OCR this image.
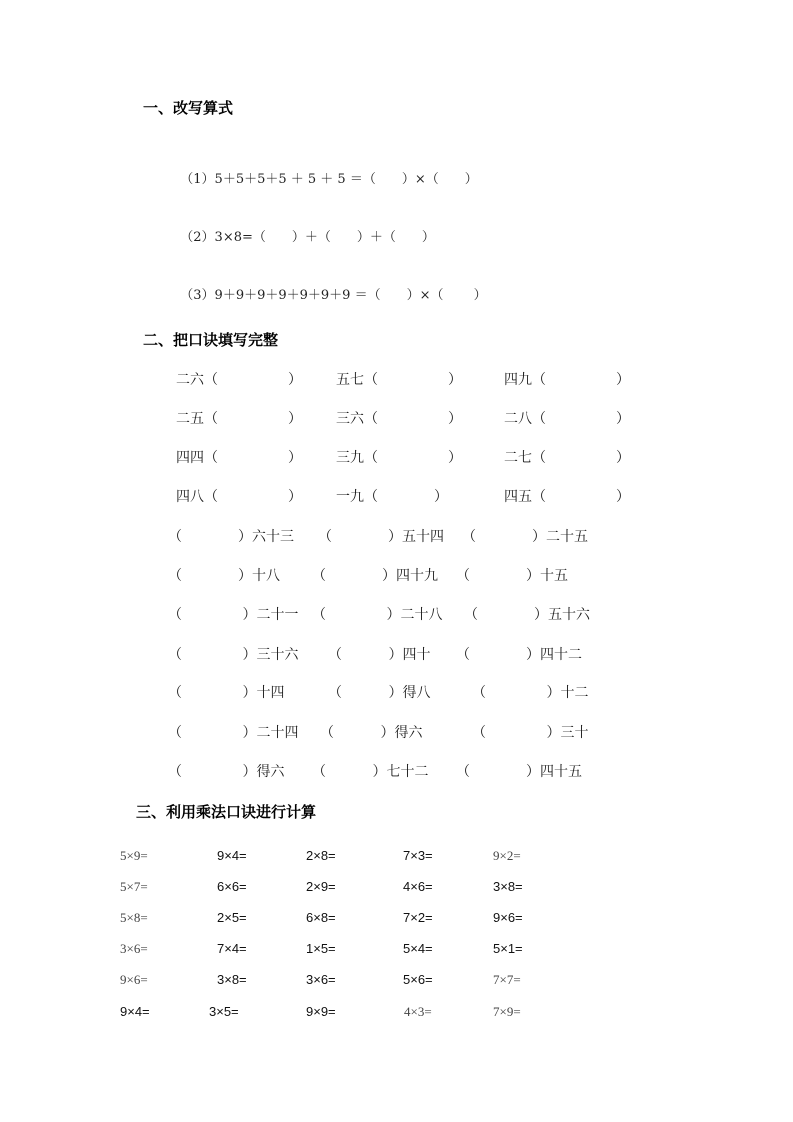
一、改写算式

（1）5＋5＋5＋5 ＋ 5 ＋ 5 ＝（　　）×（　　）

（2）3×8=（　　）＋（　　）＋（　　）

（3）9＋9＋9＋9＋9＋9＋9 ＝（　　）×（　　 ）

二、把口诀填写完整
二六（　　　　　） 五七（　　　　　）	四九（　　　　　）
二五（　　　　　） 三六（　　　　　）	二八（　　　　　）
四四（　　　　　） 三九（　　　　　）	二七（　　　　　）
四八（　　　　　） 一九（　　　　）	四五（　　　　　）
（　　　　）六十三 （　　　　）五十四 （　　　　）二十五
（　　　　）十八 （　　　　）四十九 （　　　　）十五
（　　　　 ）二十一 （　　　　 ）二十八 （　　　　）五十六
（　　　　 ）三十六 （　　　 ）四十 （　　　　）四十二
（　　　　 ）十四	（　　　 ）得八	（　　　　 ）十二
（　　　　 ）二十四 （　　　 ）得六	（　　　　 ）三十
（　　　　 ）得六 （　　　 ）七十二 （　　　　）四十五
三、利用乘法口诀进行计算
5×9=	9×4=	2×8=	7×3=	9×2=
5×7=	6×6=	2×9=	4×6=	3×8=
5×8=	2×5=	6×8=	7×2=	9×6=
3×6=	7×4=	1×5=	5×4=	5×1=
9×6=	3×8=	3×6=	5×6=	7×7=
9×4=	3×5=	9×9=	4×3=	7×9=
